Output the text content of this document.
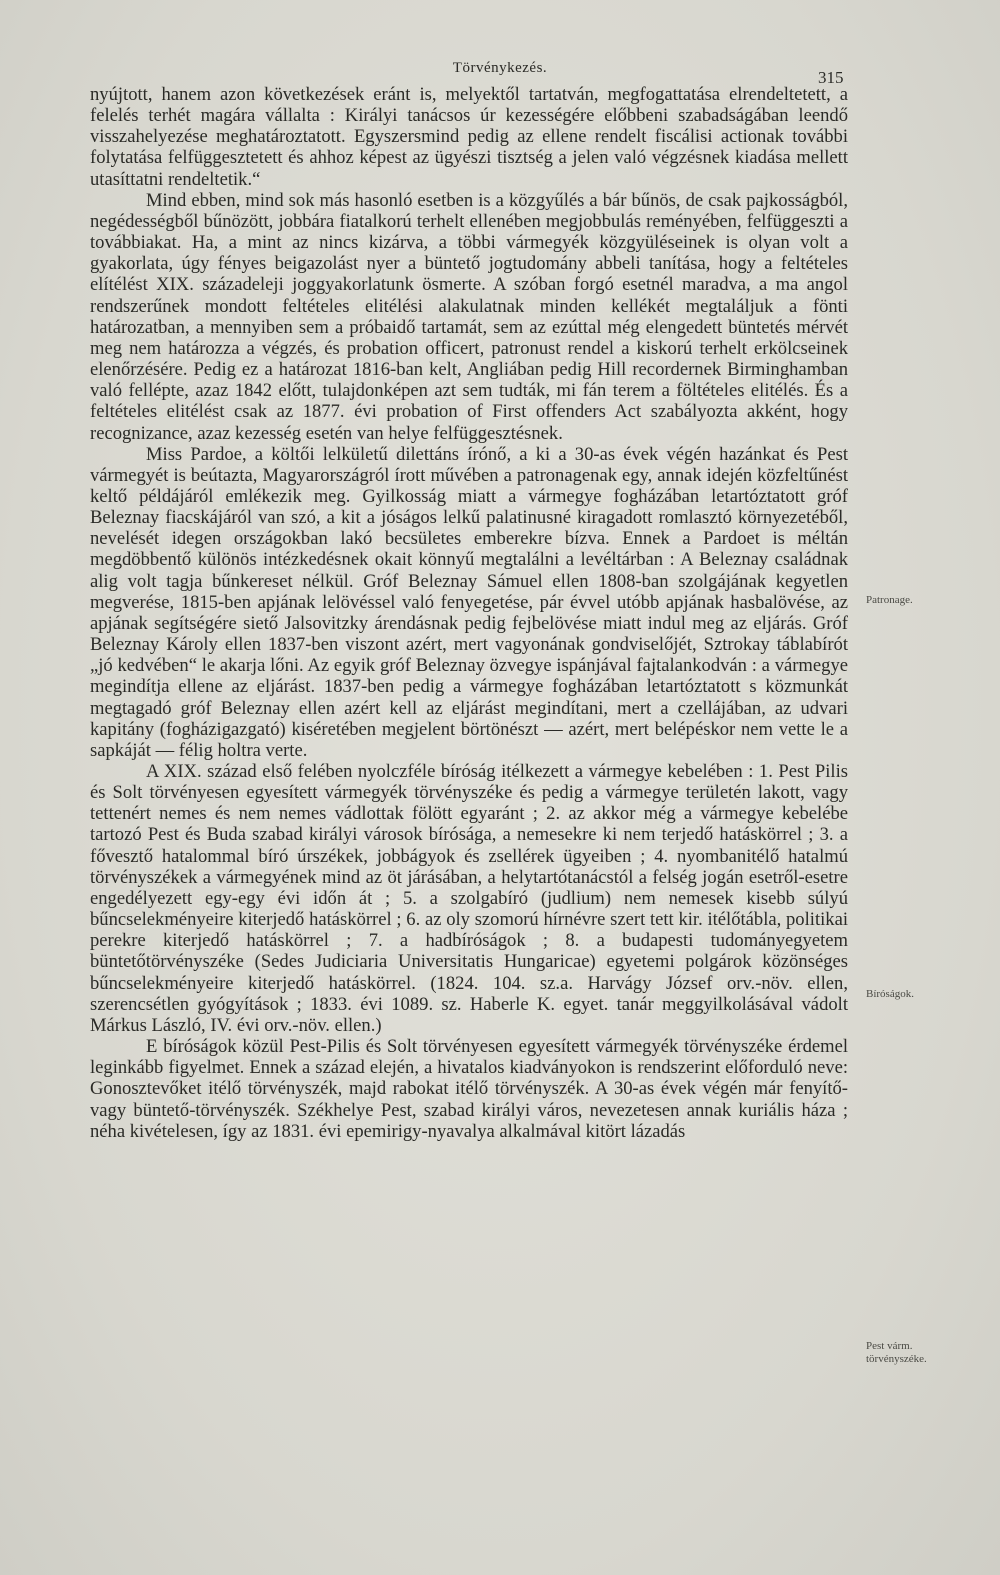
Törvénykezés.	315

nyújtott, hanem azon következések eránt is, melyektől tartatván, megfogattatása elrendeltetett, a felelés terhét magára vállalta : Királyi tanácsos úr kezességére előbbeni szabadságában leendő visszahelyezése meghatároztatott. Egyszersmind pedig az ellene rendelt fiscálisi actionak további folytatása felfüggesztetett és ahhoz képest az ügyészi tisztség a jelen való végzésnek kiadása mellett utasíttatni rendeltetik.“

Mind ebben, mind sok más hasonló esetben is a közgyűlés a bár bűnös, de csak pajkosságból, negédességből bűnözött, jobbára fiatalkorú terhelt ellenében megjobbulás reményében, felfüggeszti a továbbiakat. Ha, a mint az nincs kizárva, a többi vármegyék közgyüléseinek is olyan volt a gyakorlata, úgy fényes beigazolást nyer a büntető jogtudomány abbeli tanítása, hogy a feltételes elítélést XIX. századeleji joggyakorlatunk ösmerte. A szóban forgó esetnél maradva, a ma angol rendszerűnek mondott feltételes elitélési alakulatnak minden kellékét megtaláljuk a fönti határozatban, a mennyiben sem a próbaidő tartamát, sem az ezúttal még elengedett büntetés mérvét meg nem határozza a végzés, és probation officert, patronust rendel a kiskorú terhelt erkölcseinek elenőrzésére. Pedig ez a határozat 1816-ban kelt, Angliában pedig Hill recordernek Birminghamban való fellépte, azaz 1842 előtt, tulajdonképen azt sem tudták, mi fán terem a föltételes elitélés. És a feltételes elitélést csak az 1877. évi probation of First offenders Act szabályozta akként, hogy recognizance, azaz kezesség esetén van helye felfüggesztésnek.

Miss Pardoe, a költői lelkületű dilettáns írónő, a ki a 30-as évek végén hazánkat és Pest vármegyét is beútazta, Magyarországról írott művében a patronagenak egy, annak idején közfeltűnést keltő példájáról emlékezik meg. Gyilkosság miatt a vármegye fogházában letartóztatott gróf Beleznay fiacskájáról van szó, a kit a jóságos lelkű palatinusné kiragadott romlasztó környezetéből, nevelését idegen országokban lakó becsületes emberekre bízva. Ennek a Pardoet is méltán megdöbbentő különös intézkedésnek okait könnyű megtalálni a levéltárban : A Beleznay családnak alig volt tagja bűnkereset nélkül. Gróf Beleznay Sámuel ellen 1808-ban szolgájának kegyetlen megverése, 1815-ben apjának lelövéssel való fenyegetése, pár évvel utóbb apjának hasbalövése, az apjának segítségére siető Jalsovitzky árendásnak pedig fejbelövése miatt indul meg az eljárás. Gróf Beleznay Károly ellen 1837-ben viszont azért, mert vagyonának gondviselőjét, Sztrokay táblabírót „jó kedvében“ le akarja lőni. Az egyik gróf Beleznay özvegye ispánjával fajtalankodván : a vármegye megindítja ellene az eljárást. 1837-ben pedig a vármegye fogházában letartóztatott s közmunkát megtagadó gróf Beleznay ellen azért kell az eljárást megindítani, mert a czellájában, az udvari kapitány (fogházigazgató) kiséretében megjelent börtönészt — azért, mert belépéskor nem vette le a sapkáját — félig holtra verte.

A XIX. század első felében nyolczféle bíróság itélkezett a vármegye kebelében : 1. Pest Pilis és Solt törvényesen egyesített vármegyék törvényszéke és pedig a vármegye területén lakott, vagy tettenért nemes és nem nemes vádlottak fölött egyaránt ; 2. az akkor még a vármegye kebelébe tartozó Pest és Buda szabad királyi városok bírósága, a nemesekre ki nem terjedő hatáskörrel ; 3. a fővesztő hatalommal bíró úrszékek, jobbágyok és zsellérek ügyeiben ; 4. nyombanitélő hatalmú törvényszékek a vármegyének mind az öt járásában, a helytartótanácstól a felség jogán esetről-esetre engedélyezett egy-egy évi időn át ; 5. a szolgabíró (judlium) nem nemesek kisebb súlyú bűncselekményeire kiterjedő hatáskörrel ; 6. az oly szomorú hírnévre szert tett kir. itélőtábla, politikai perekre kiterjedő hatáskörrel ; 7. a hadbíróságok ; 8. a budapesti tudományegyetem büntetőtörvényszéke (Sedes Judiciaria Universitatis Hungaricae) egyetemi polgárok közönséges bűncselekményeire kiterjedő hatáskörrel. (1824. 104. sz.a. Harvágy József orv.-növ. ellen, szerencsétlen gyógyítások ; 1833. évi 1089. sz. Haberle K. egyet. tanár meggyilkolásával vádolt Márkus László, IV. évi orv.-növ. ellen.)

E bíróságok közül Pest-Pilis és Solt törvényesen egyesített vármegyék törvényszéke érdemel leginkább figyelmet. Ennek a század elején, a hivatalos kiadványokon is rendszerint előforduló neve: Gonosztevőket itélő törvényszék, majd rabokat itélő törvényszék. A 30-as évek végén már fenyítő- vagy büntető-törvényszék. Székhelye Pest, szabad királyi város, nevezetesen annak kuriális háza ; néha kivételesen, így az 1831. évi epemirigy-nyavalya alkalmával kitört lázadás

Patronage.
Bíróságok.
Pest várm. törvényszéke.
